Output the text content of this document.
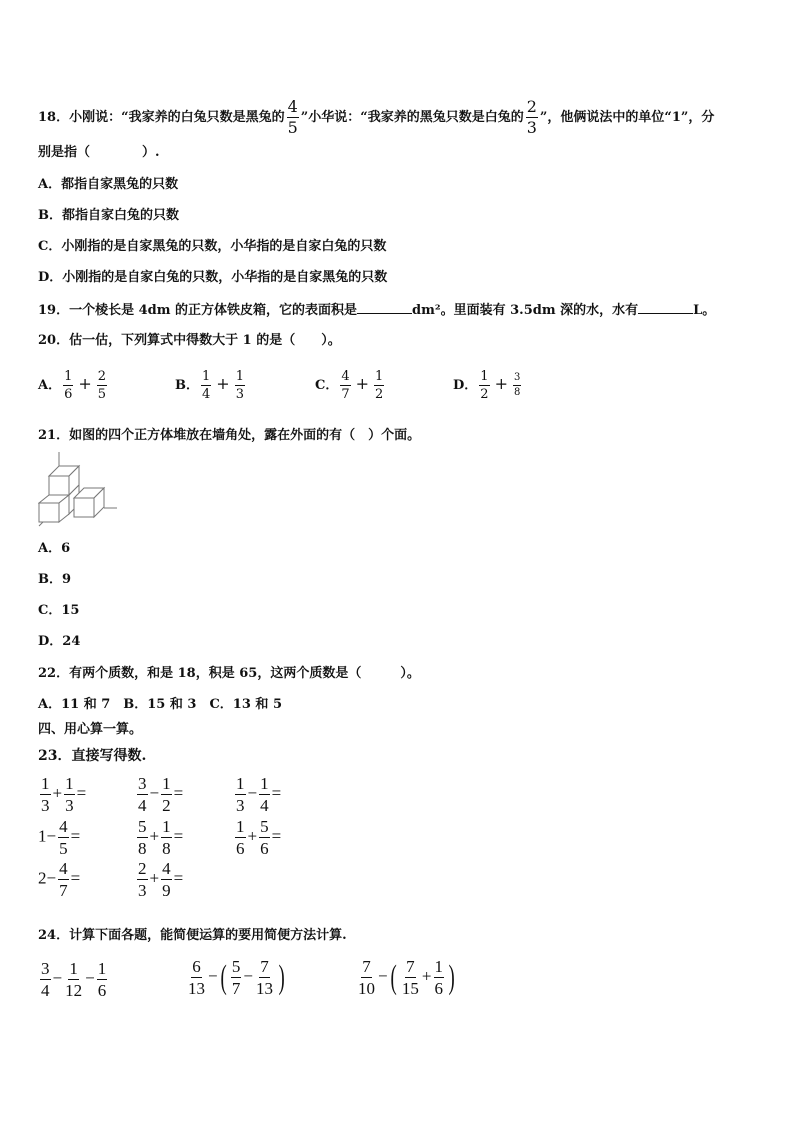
18．小刚说：“我家养的白兔只数是黑兔的 $\frac{4}{5}$ ”小华说：“我家养的黑兔只数是白兔的 $\frac{2}{3}$ ”，他俩说法中的单位“1”，分
别是指（　　　　）.
A．都指自家黑兔的只数
B．都指自家白兔的只数
C．小刚指的是自家黑兔的只数，小华指的是自家白兔的只数
D．小刚指的是自家白兔的只数，小华指的是自家黑兔的只数
19．一个棱长是 4dm 的正方体铁皮箱，它的表面积是	dm²。里面装有 3.5dm 深的水，水有	L。
20．估一估，下列算式中得数大于 1 的是（　　）。
A． $\frac{1}{6} + \frac{2}{5}$	B． $\frac{1}{4} + \frac{1}{3}$	C． $\frac{4}{7} + \frac{1}{2}$	D． $\frac{1}{2} + \frac{3}{8}$
21．如图的四个正方体堆放在墙角处，露在外面的有（　）个面。
A．6
B．9
C．15
D．24
22．有两个质数，和是 18，积是 65，这两个质数是（　　　）。
A．11 和 7　B．15 和 3　C．13 和 5
四、用心算一算。
23．直接写得数.
$\frac{1}{3} + \frac{1}{3}$ =	$\frac{3}{4} - \frac{1}{2}$ =	$\frac{1}{3} - \frac{1}{4}$ =
$1- \frac{4}{5}$ =	$\frac{5}{8} + \frac{1}{8}$ =	$\frac{1}{6} + \frac{5}{6}$ =
$2- \frac{4}{7}$ =	$\frac{2}{3} + \frac{4}{9}$ =
24．计算下面各题，能简便运算的要用简便方法计算.
$\frac{3}{4} - \frac{1}{12} - \frac{1}{6}$	$\frac{6}{13}$ −( $\frac{5}{7} - \frac{7}{13}$ )	$\frac{7}{10}$ −( $\frac{7}{15} + \frac{1}{6}$ )
